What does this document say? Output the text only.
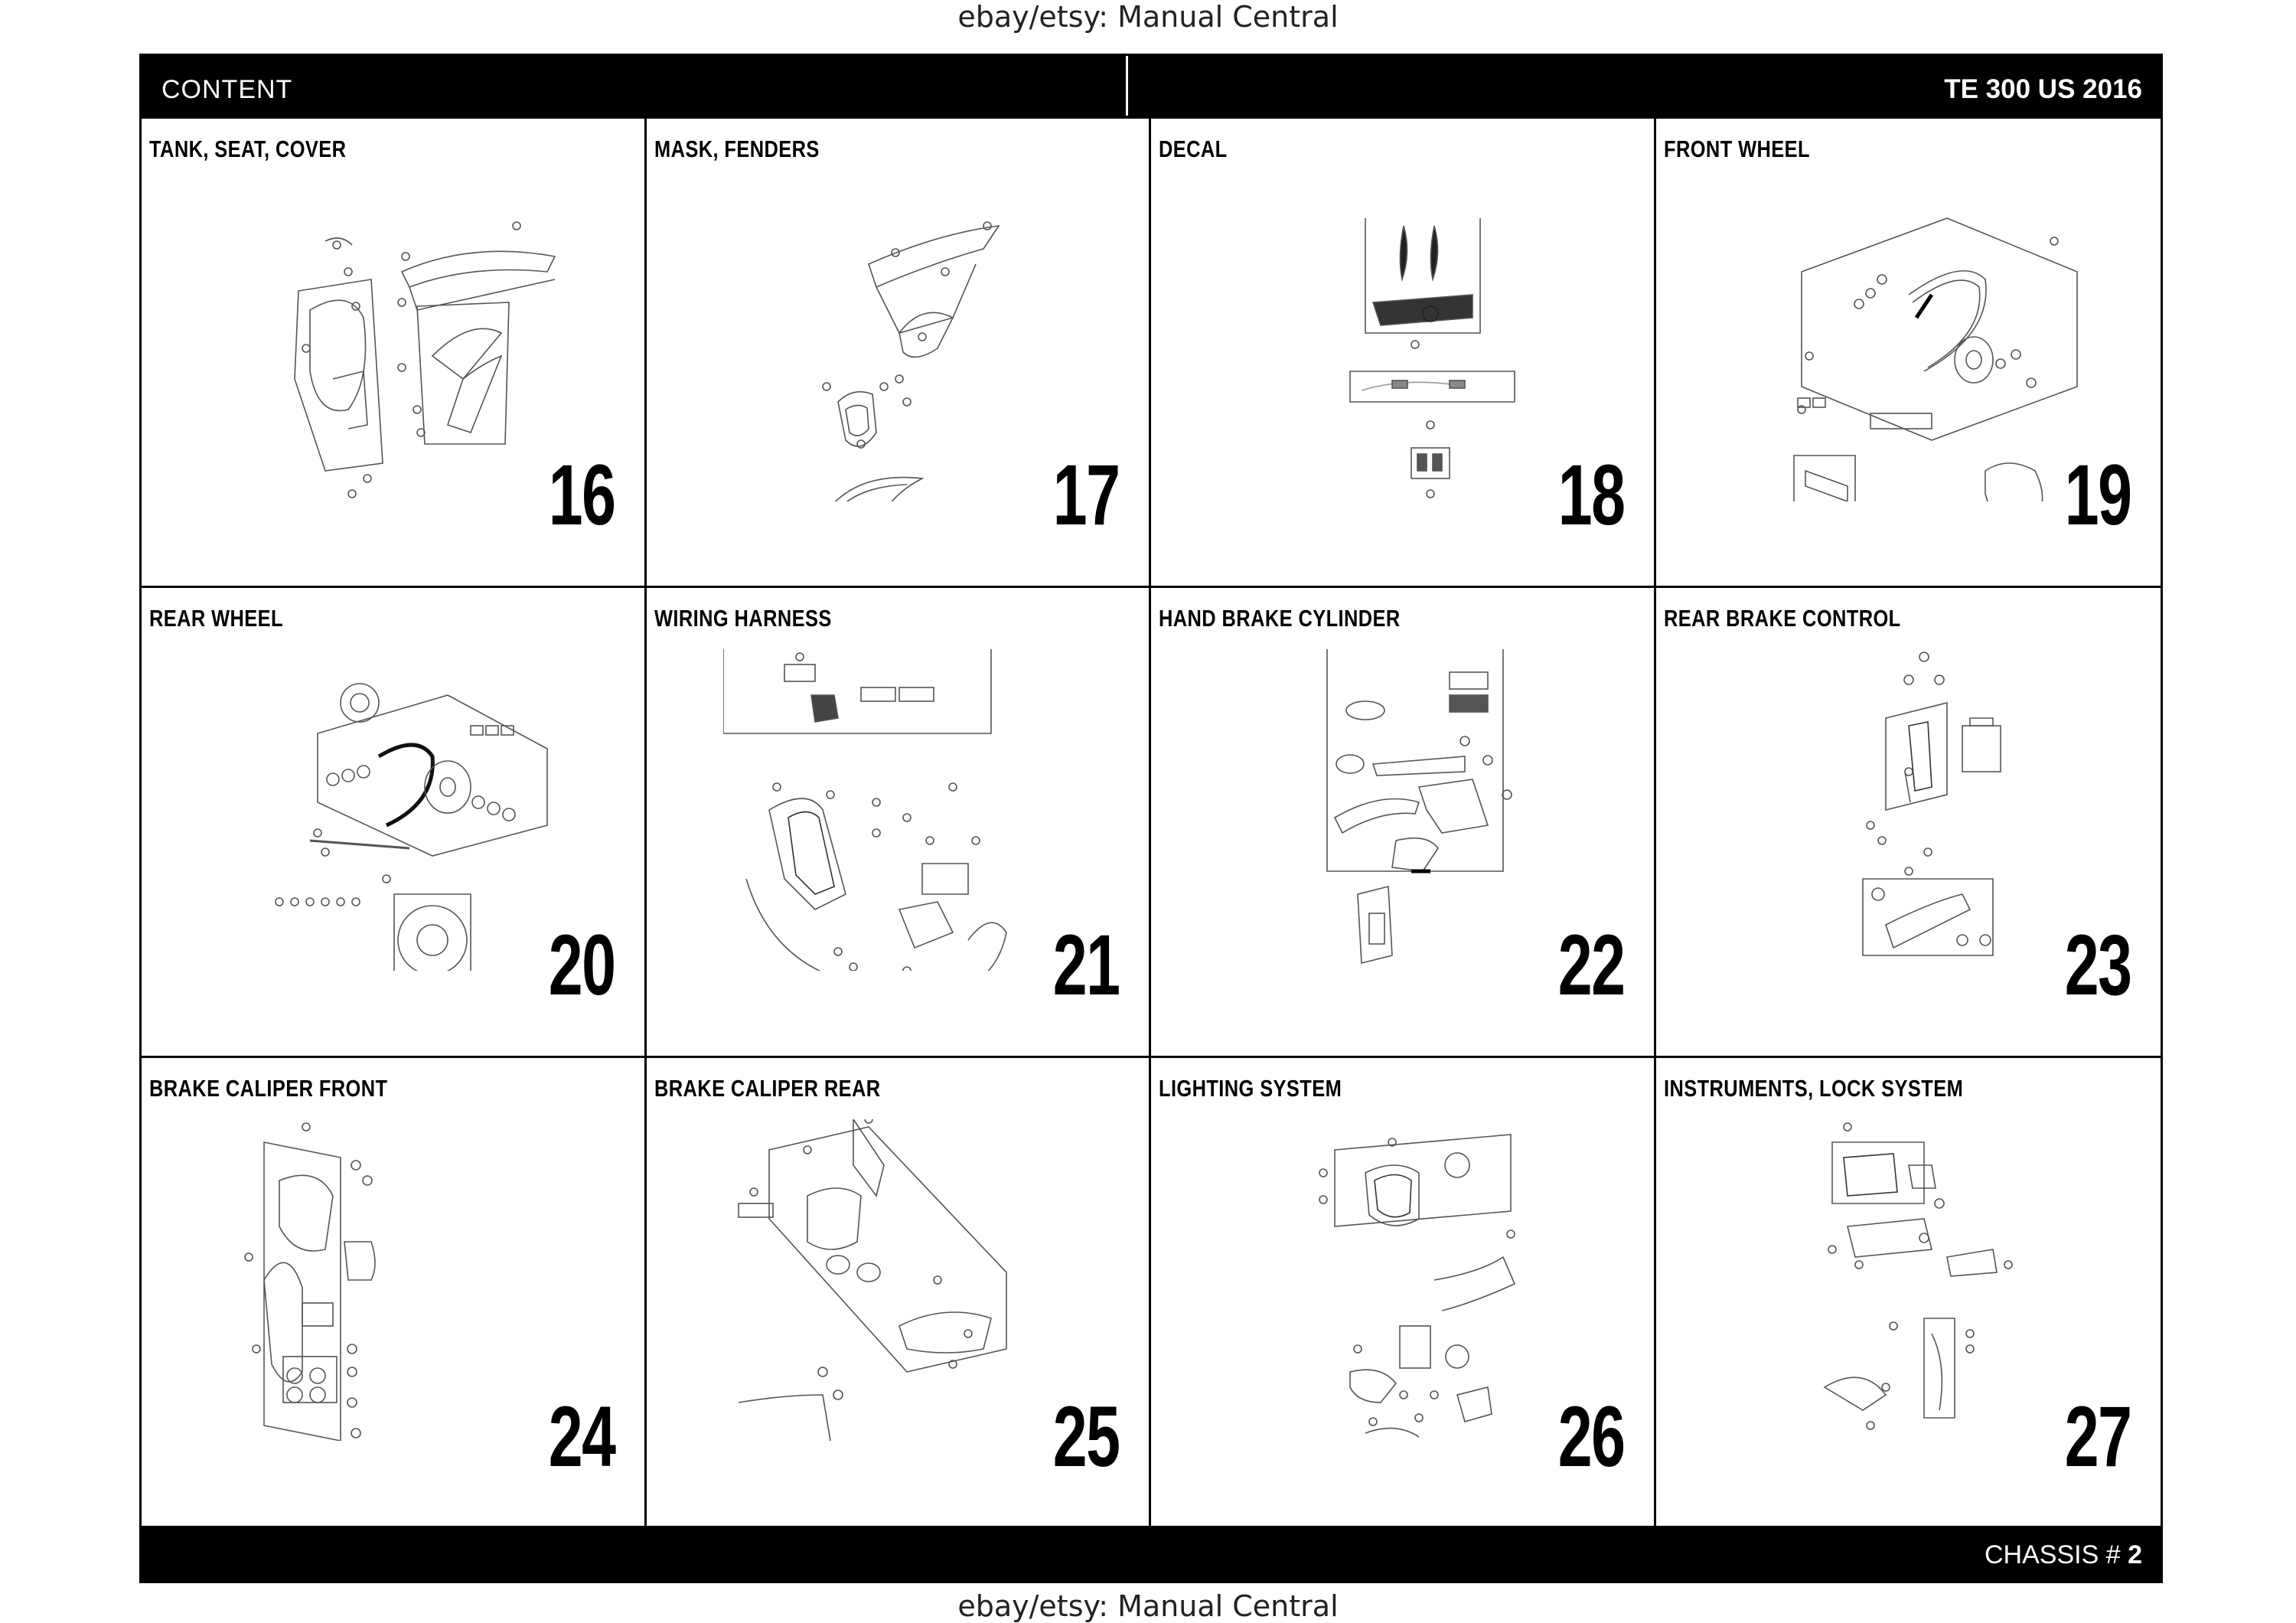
ebay/etsy: Manual Central
CONTENT	TE 300 US 2016
TANK, SEAT, COVER
16
MASK, FENDERS
17
DECAL
18
FRONT WHEEL
19
REAR WHEEL
20
WIRING HARNESS
21
HAND BRAKE CYLINDER
22
REAR BRAKE CONTROL
23
BRAKE CALIPER FRONT
24
BRAKE CALIPER REAR
25
LIGHTING SYSTEM
26
INSTRUMENTS, LOCK SYSTEM
27
CHASSIS # 2
ebay/etsy: Manual Central
